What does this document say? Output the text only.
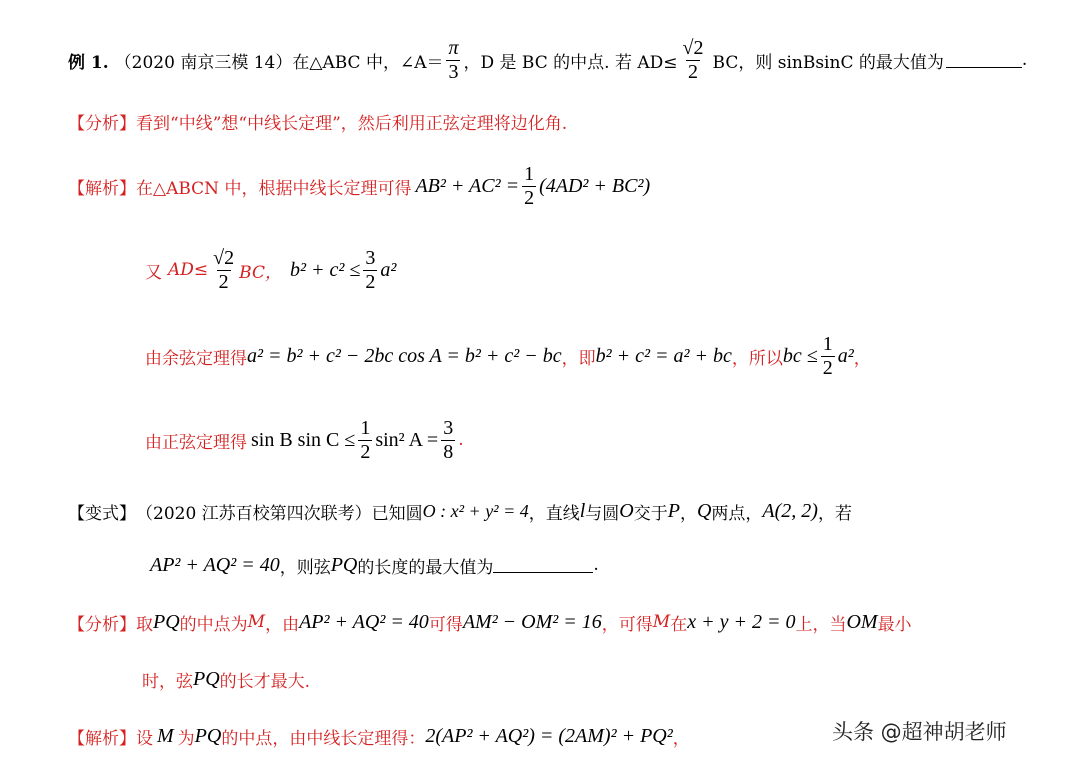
例 1. （2020 南京三模 14）在△ABC 中，∠A＝ $\frac{\pi}{3}$ ，D 是 BC 的中点. 若 $AD\le \frac{√2}{2}$ BC，则 sinBsinC 的最大值为	.
【分析】 看到“中线”想“中线长定理”，然后利用正弦定理将边化角.
【解析】 在△ABCN 中，根据中线长定理可得 $AB^2 + AC^2 = \frac{1}{2} (4AD^2 + BC^2)$
又 $AD\le \frac{√2}{2}$ BC， $b^2 + c^2 \le \frac{3}{2} a^2$
由余弦定理得 a² = b² + c² − 2bc cos A = b² + c² − bc ，即 b² + c² = a² + bc ，所以 bc ≤ $\frac{1}{2} a^2$ ，
由正弦定理得 sin B $\sin C \le \frac{1}{2} \sin^2$ $A = \frac{3}{8}$ .
【变式】 （2020 江苏百校第四次联考）已知圆 O : x² + y² = 4 ，直线 l 与圆 O 交于 P ， Q 两点， A(2, 2) ，若
AP² + AQ² = 40 ，则弦 PQ 的长度的最大值为	.
【分析】 取 PQ 的中点为 M ，由 AP² + AQ² = 40 可得 AM² − OM² = 16 ，可得 M 在 x + y + 2 = 0 上，当 OM 最小
时，弦 PQ 的长才最大.
【解析】 设 M 为 PQ 的中点，由中线长定理得： 2(AP² + AQ²) = (2AM)² + PQ² ，	头条 @超神胡老师
